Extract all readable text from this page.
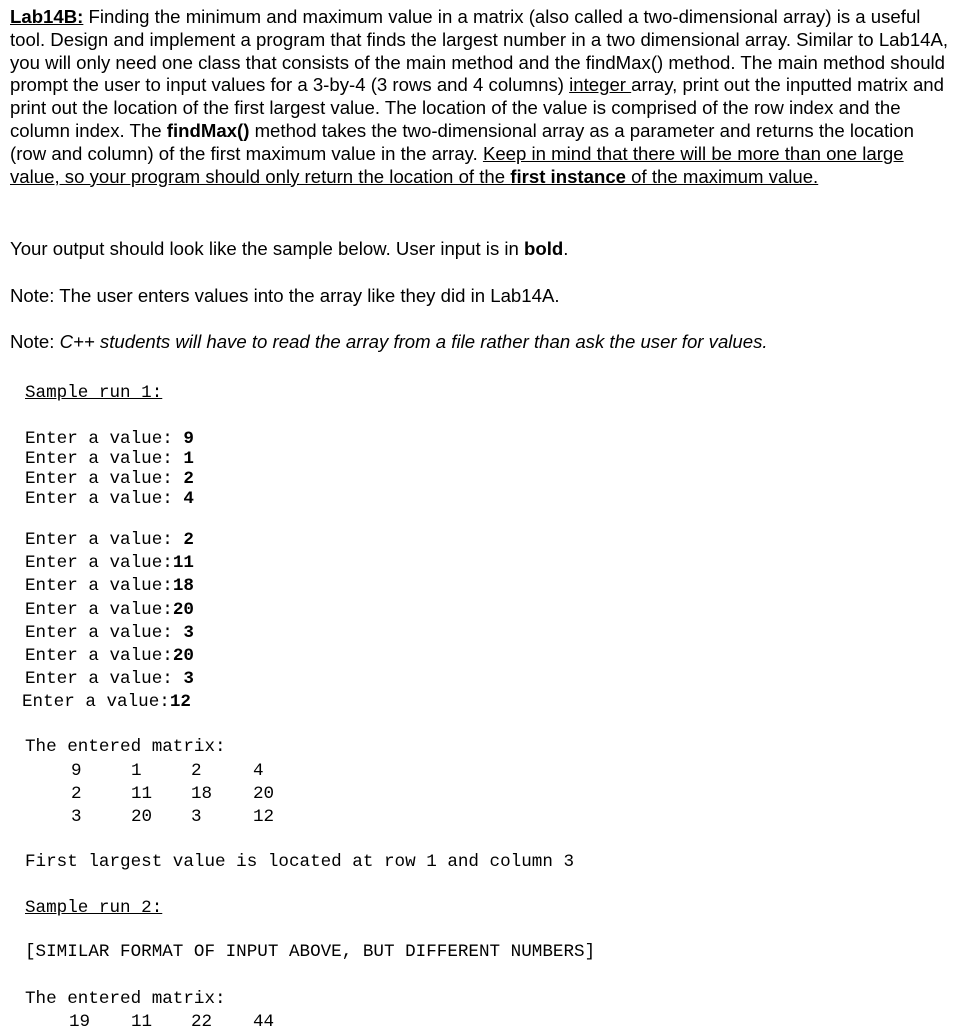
Lab14B: Finding the minimum and maximum value in a matrix (also called a two-dimensional array) is a useful tool. Design and implement a program that finds the largest number in a two dimensional array. Similar to Lab14A, you will only need one class that consists of the main method and the findMax() method. The main method should prompt the user to input values for a 3-by-4 (3 rows and 4 columns) integer array, print out the inputted matrix and print out the location of the first largest value. The location of the value is comprised of the row index and the column index. The findMax() method takes the two-dimensional array as a parameter and returns the location (row and column) of the first maximum value in the array. Keep in mind that there will be more than one large value, so your program should only return the location of the first instance of the maximum value.

Your output should look like the sample below. User input is in bold.
Note: The user enters values into the array like they did in Lab14A.
Note: C++ students will have to read the array from a file rather than ask the user for values.
Sample run 1:
Enter a value: 9
Enter a value: 1
Enter a value: 2
Enter a value: 4
Enter a value: 2
Enter a value:11
Enter a value:18
Enter a value:20
Enter a value: 3
Enter a value:20
Enter a value: 3
Enter a value:12
The entered matrix:
9	1	2	4
2	11 18 20
3	20 3	12
First largest value is located at row 1 and column 3
Sample run 2:
[SIMILAR FORMAT OF INPUT ABOVE, BUT DIFFERENT NUMBERS]
The entered matrix:
19 11 22 44
